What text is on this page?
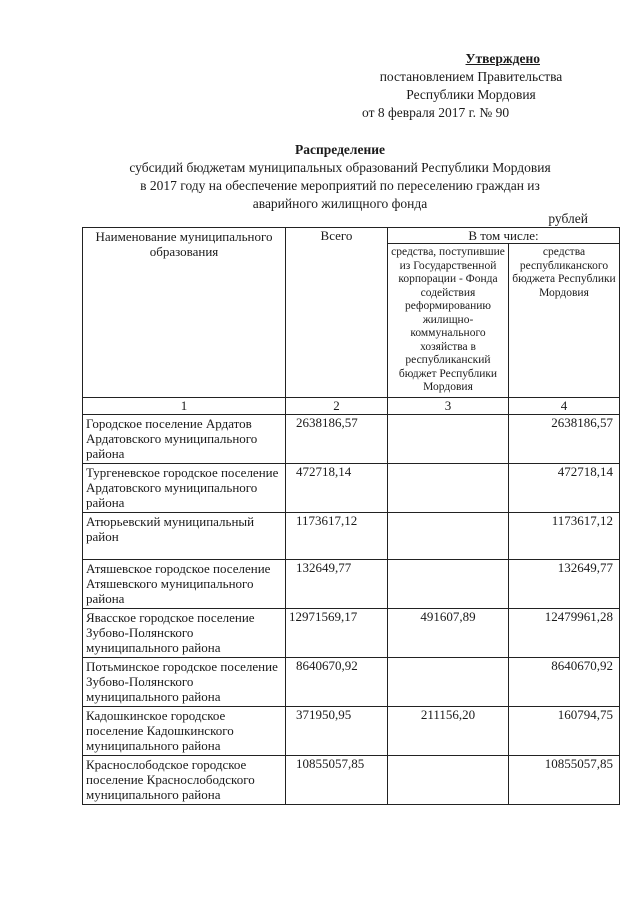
Утверждено
постановлением Правительства
Республики Мордовия
от 8 февраля 2017 г. № 90
Распределение
субсидий бюджетам муниципальных образований Республики Мордовия
в 2017 году на обеспечение мероприятий по переселению граждан из
аварийного жилищного фонда
рублей
Наименование муниципального образования	Всего	В том числе:	
		средства, поступившие из Государственной корпорации - Фонда содействия реформированию жилищно-коммунального хозяйства в республиканский бюджет Республики Мордовия	средства республиканского бюджета Республики Мордовия
1	2	3	4
Городское поселение Ардатов Ардатовского муниципального района	2638186,57		2638186,57
Тургеневское городское поселение Ардатовского муниципального района	472718,14		472718,14
Атюрьевский муниципальный район	1173617,12		1173617,12
Атяшевское городское поселение Атяшевского муниципального района	132649,77		132649,77
Явасское городское поселение Зубово-Полянского муниципального района	12971569,17	491607,89	12479961,28
Потьминское городское поселение Зубово-Полянского муниципального района	8640670,92		8640670,92
Кадошкинское городское поселение Кадошкинского муниципального района	371950,95	211156,20	160794,75
Краснослободское городское поселение Краснослободского муниципального района	10855057,85		10855057,85
